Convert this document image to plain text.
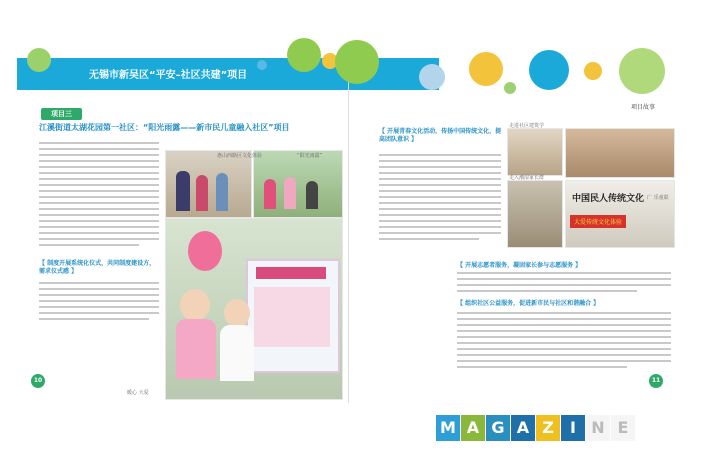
无锡市新吴区“平安–社区共建”项目
项目三
江溪街道太湖花园第一社区：“阳光雨露——新市民儿童融入社区”项目
【 制度开展系统化仪式，共同制度建设方，需求仪式感 】
惠山西路区文化体验	“阳光雨露”
10
暖心 大爱
项目故事
【 开展青春文化活动，传扬中国传统文化，提高团队意识 】
中国民人传统文化
大爱传统文化体验
走进社区建筑学
走入潮湿家长群
广 乐童联
【 开展志愿者服务，凝固家长参与志愿服务 】
【 组织社区公益服务，促进新市民与社区和谐融合 】
11
M A G A Z	I N E
